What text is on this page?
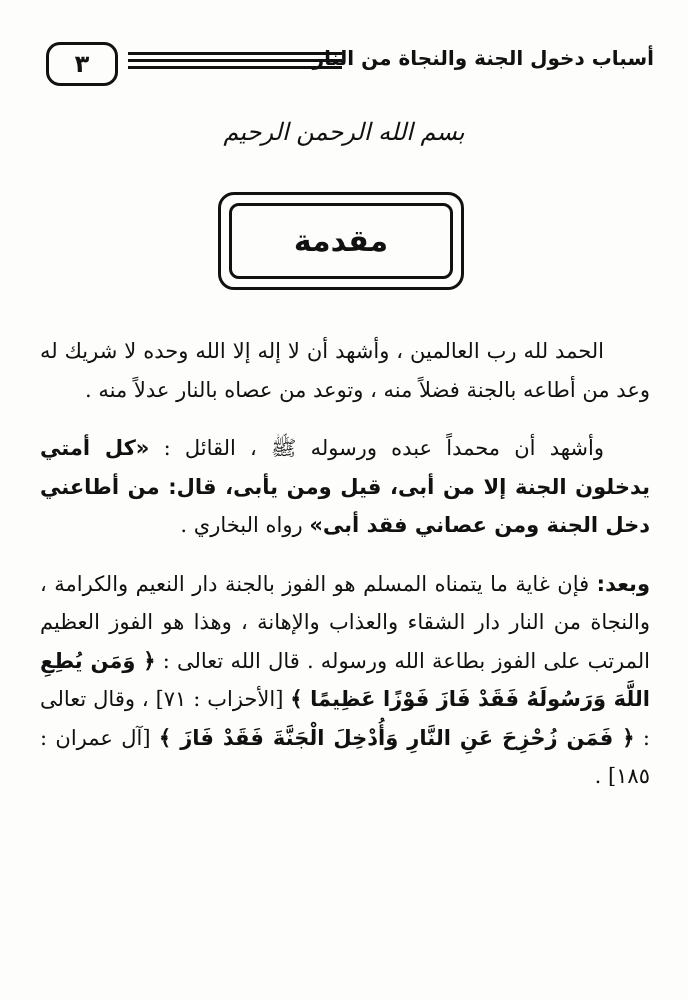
٣	أسباب دخول الجنة والنجاة من النار
بسم الله الرحمن الرحيم
مقدمة

الحمد لله رب العالمين ، وأشهد أن لا إله إلا الله وحده لا شريك له وعد من أطاعه بالجنة فضلاً منه ، وتوعد من عصاه بالنار عدلاً منه .

وأشهد أن محمداً عبده ورسوله ﷺ ، القائل : «كل أمتي يدخلون الجنة إلا من أبى، قيل ومن يأبى، قال: من أطاعني دخل الجنة ومن عصاني فقد أبى» رواه البخاري .

وبعد: فإن غاية ما يتمناه المسلم هو الفوز بالجنة دار النعيم والكرامة ، والنجاة من النار دار الشقاء والعذاب والإهانة ، وهذا هو الفوز العظيم المرتب على الفوز بطاعة الله ورسوله . قال الله تعالى : ﴿ وَمَن يُطِعِ اللَّهَ وَرَسُولَهُ فَقَدْ فَازَ فَوْزًا عَظِيمًا ﴾ [الأحزاب : ٧١] ، وقال تعالى : ﴿ فَمَن زُحْزِحَ عَنِ النَّارِ وَأُدْخِلَ الْجَنَّةَ فَقَدْ فَازَ ﴾ [آل عمران : ١٨٥] .
